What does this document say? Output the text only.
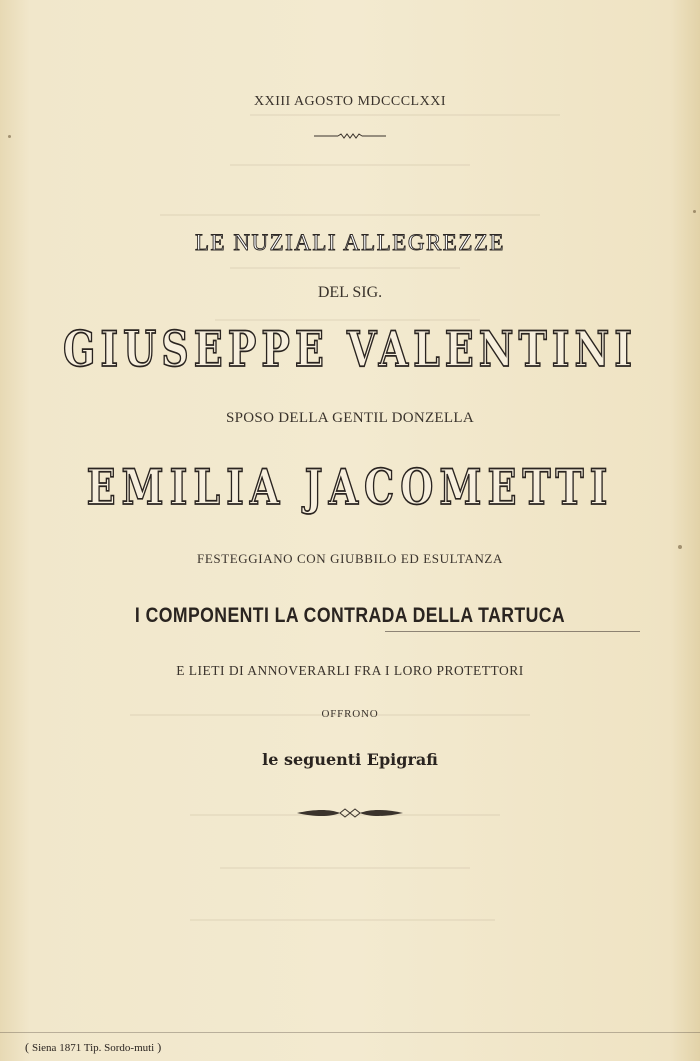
XXIII AGOSTO MDCCCLXXI
LE NUZIALI ALLEGREZZE
DEL SIG.
GIUSEPPE VALENTINI
SPOSO DELLA GENTIL DONZELLA
EMILIA JACOMETTI
FESTEGGIANO CON GIUBBILO ED ESULTANZA
I COMPONENTI LA CONTRADA DELLA TARTUCA
E LIETI DI ANNOVERARLI FRA I LORO PROTETTORI
OFFRONO
le seguenti Epigrafi
( Siena 1871 Tip. Sordo-muti )
